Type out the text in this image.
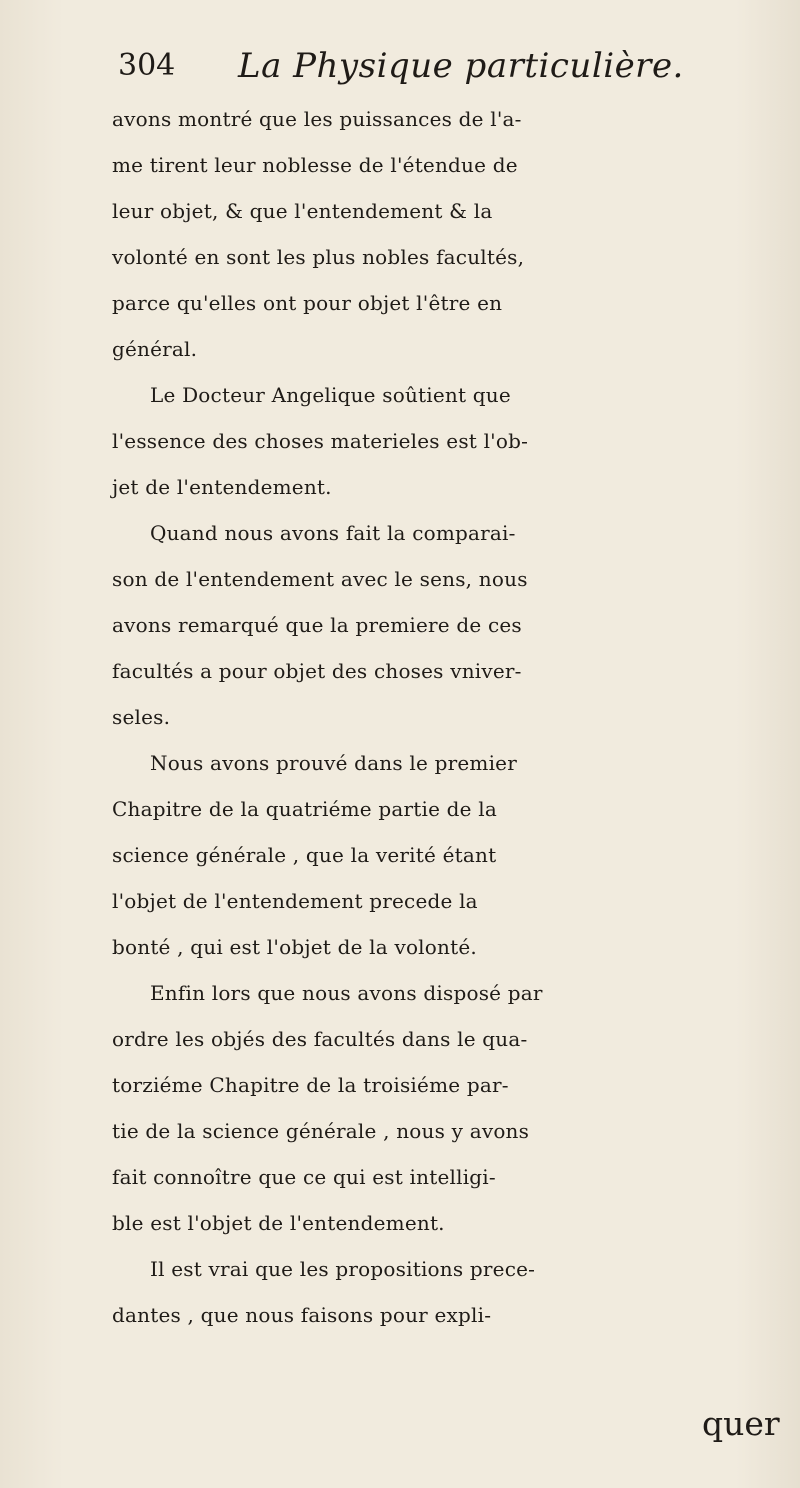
304 La Physique particulière.
avons montré que les puissances de l'a-
me tirent leur noblesse de l'étendue de
leur objet, & que l'entendement & la
volonté en sont les plus nobles facultés,
parce qu'elles ont pour objet l'être en
général.
Le Docteur Angelique soûtient que
l'essence des choses materieles est l'ob-
jet de l'entendement.
Quand nous avons fait la comparai-
son de l'entendement avec le sens, nous
avons remarqué que la premiere de ces
facultés a pour objet des choses vniver-
seles.
Nous avons prouvé dans le premier
Chapitre de la quatriéme partie de la
science générale , que la verité étant
l'objet de l'entendement precede la
bonté , qui est l'objet de la volonté.
Enfin lors que nous avons disposé par
ordre les objés des facultés dans le qua-
torziéme Chapitre de la troisiéme par-
tie de la science générale , nous y avons
fait connoître que ce qui est intelligi-
ble est l'objet de l'entendement.
Il est vrai que les propositions prece-
dantes , que nous faisons pour expli-
quer
